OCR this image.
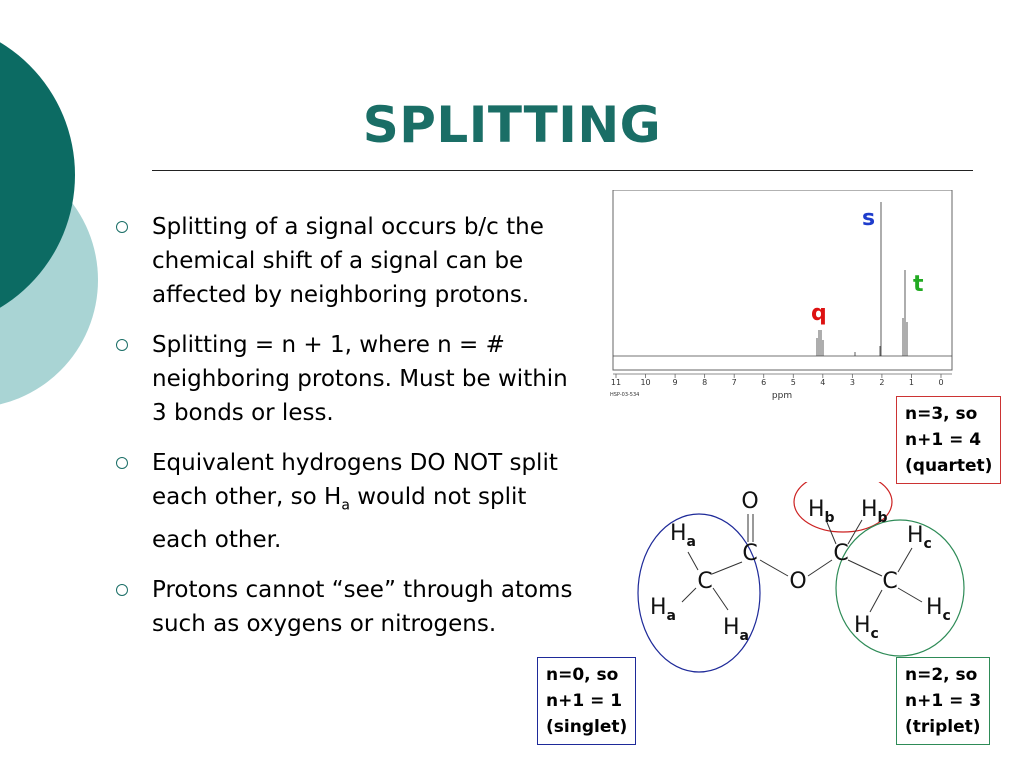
SPLITTING
Splitting of a signal occurs b/c the chemical shift of a signal can be affected by neighboring protons.
Splitting = n + 1, where n = # neighboring protons. Must be within 3 bonds or less.
Equivalent hydrogens DO NOT split each other, so $H_a$ would not split each other.
Protons cannot “see” through atoms such as oxygens or nitrogens.
11 10	9	8	7	6	5	4	3	2	1	0
HSP-03-534	ppm
s
t
q
n=3, so
n+1 = 4
(quartet)
n=0, so
n+1 = 1
(singlet)
n=2, so
n+1 = 3
(triplet)
O
C
C	O
C
C
$H_a$
$H_a$ $H_a$
$H_b$ $H_b$
$H_c$
$H_c$
$H_c$
